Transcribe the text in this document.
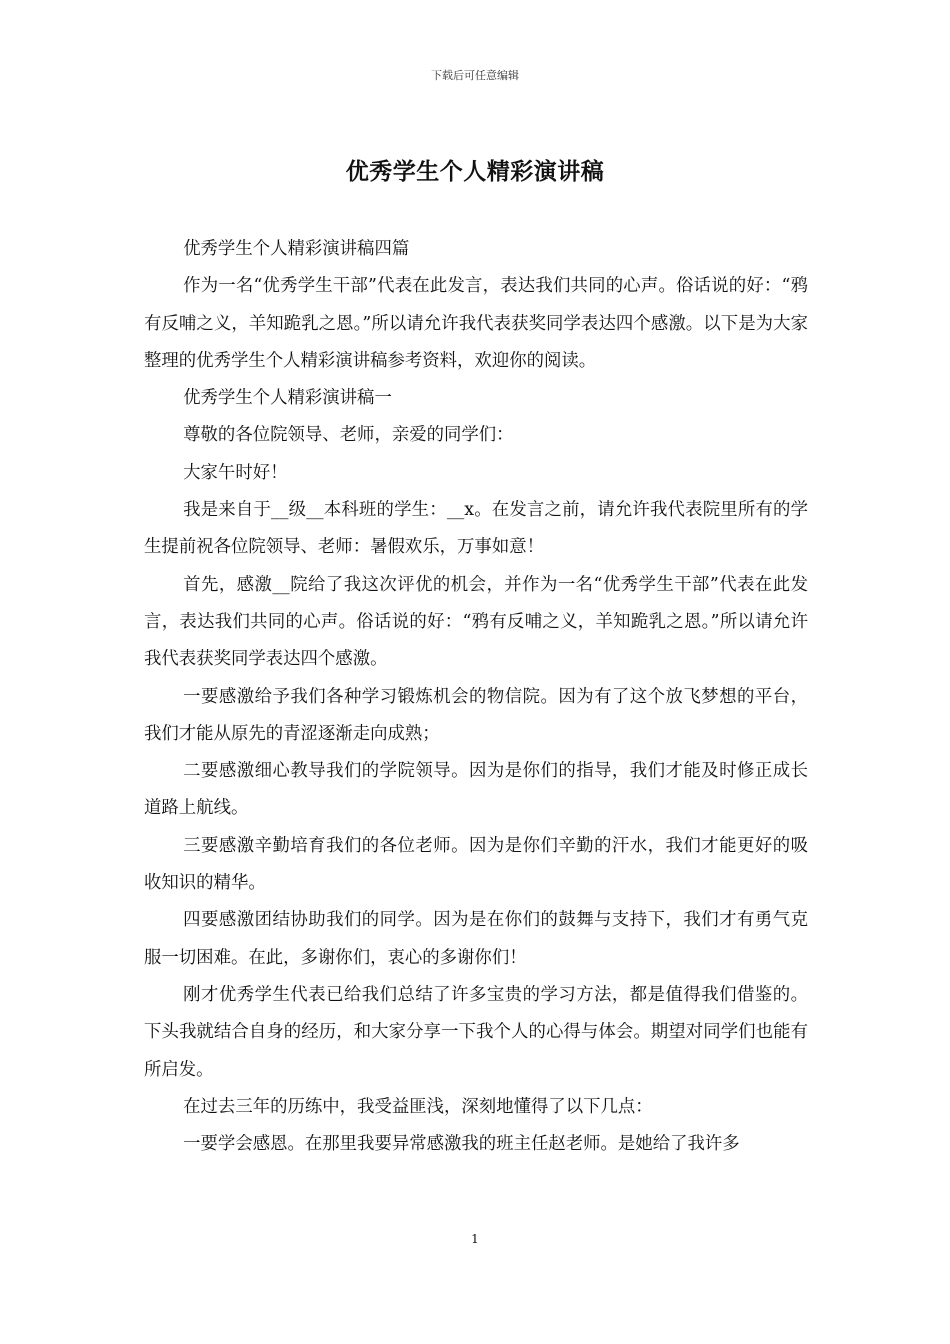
下载后可任意编辑
优秀学生个人精彩演讲稿

优秀学生个人精彩演讲稿四篇

作为一名“优秀学生干部”代表在此发言，表达我们共同的心声。俗话说的好：“鸦有反哺之义，羊知跪乳之恩。”所以请允许我代表获奖同学表达四个感激。以下是为大家整理的优秀学生个人精彩演讲稿参考资料，欢迎你的阅读。

优秀学生个人精彩演讲稿一

尊敬的各位院领导、老师，亲爱的同学们：

大家午时好！

我是来自于__级__本科班的学生：__x。在发言之前，请允许我代表院里所有的学生提前祝各位院领导、老师：暑假欢乐，万事如意！

首先，感激__院给了我这次评优的机会，并作为一名“优秀学生干部”代表在此发言，表达我们共同的心声。俗话说的好：“鸦有反哺之义，羊知跪乳之恩。”所以请允许我代表获奖同学表达四个感激。

一要感激给予我们各种学习锻炼机会的物信院。因为有了这个放飞梦想的平台，我们才能从原先的青涩逐渐走向成熟；

二要感激细心教导我们的学院领导。因为是你们的指导，我们才能及时修正成长道路上航线。

三要感激辛勤培育我们的各位老师。因为是你们辛勤的汗水，我们才能更好的吸收知识的精华。

四要感激团结协助我们的同学。因为是在你们的鼓舞与支持下，我们才有勇气克服一切困难。在此，多谢你们，衷心的多谢你们！

刚才优秀学生代表已给我们总结了许多宝贵的学习方法，都是值得我们借鉴的。下头我就结合自身的经历，和大家分享一下我个人的心得与体会。期望对同学们也能有所启发。

在过去三年的历练中，我受益匪浅，深刻地懂得了以下几点：

一要学会感恩。在那里我要异常感激我的班主任赵老师。是她给了我许多

1
